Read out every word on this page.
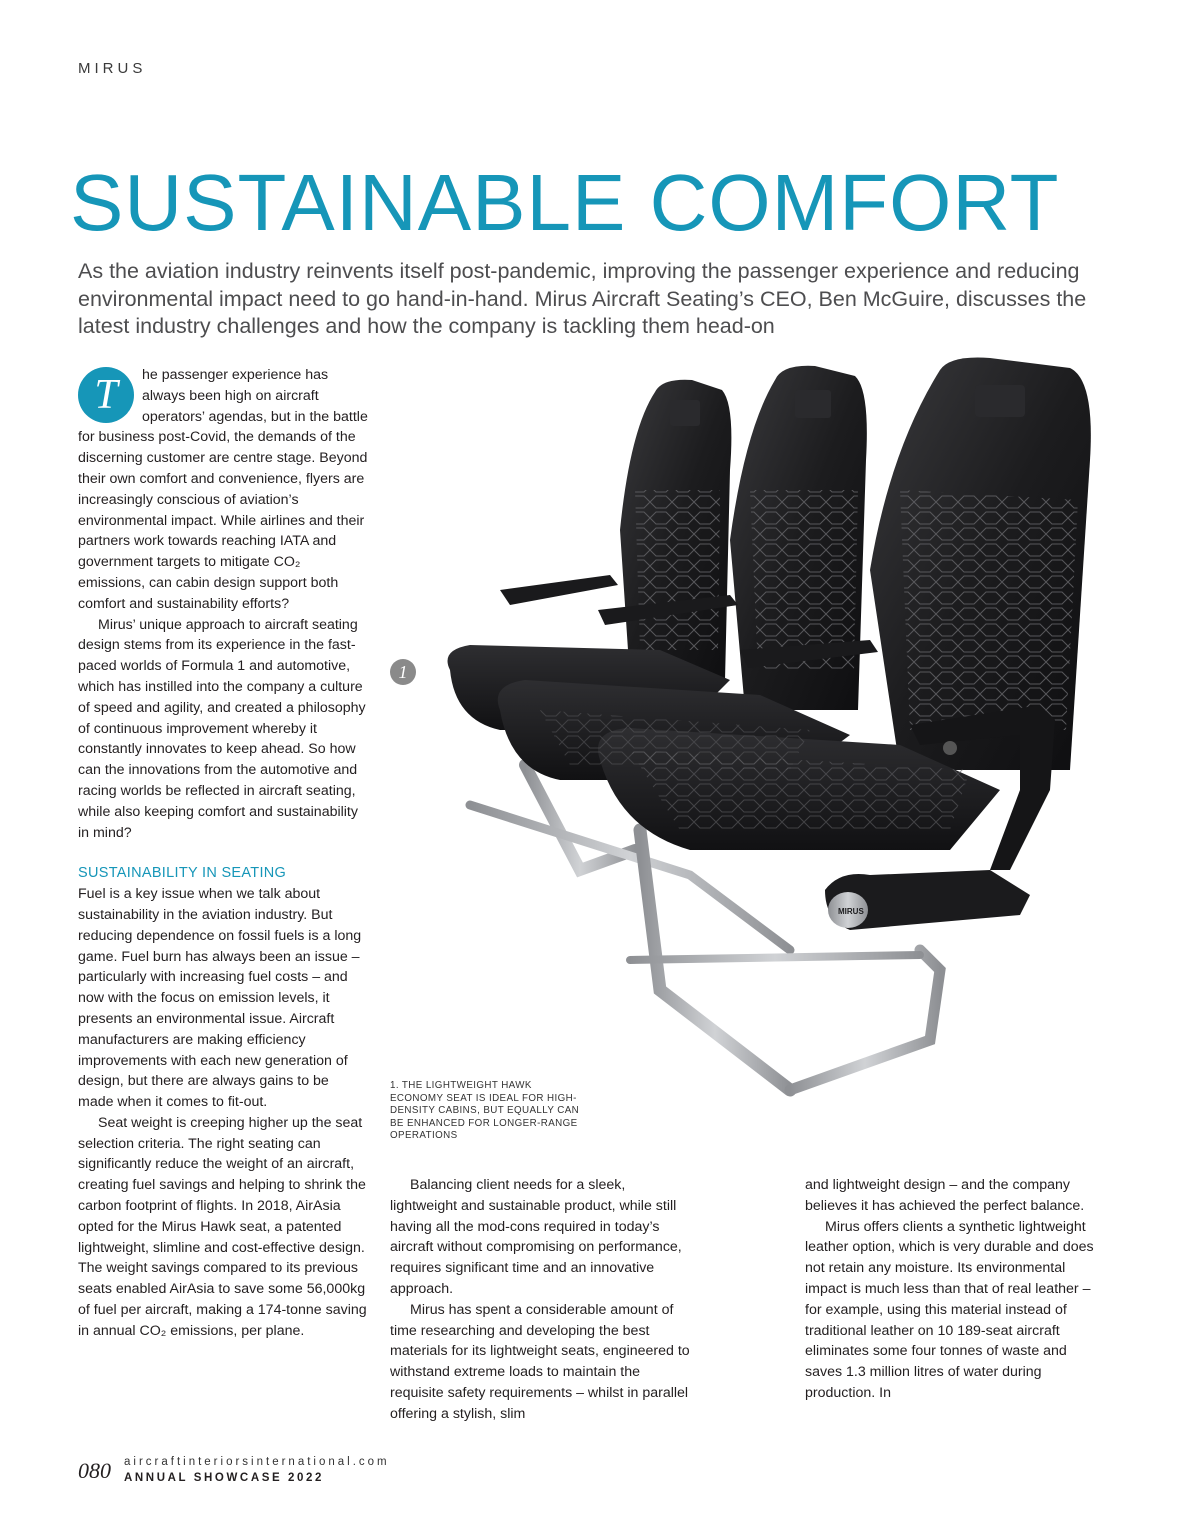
MIRUS
SUSTAINABLE COMFORT

As the aviation industry reinvents itself post-pandemic, improving the passenger experience and reducing environmental impact need to go hand-in-hand. Mirus Aircraft Seating’s CEO, Ben McGuire, discusses the latest industry challenges and how the company is tackling them head-on

T	he passenger experience has always been high on aircraft operators’ agendas, but in the battle for business post-Covid, the demands of the discerning customer are centre stage. Beyond their own comfort and convenience, flyers are increasingly conscious of aviation’s environmental impact. While airlines and their partners work towards reaching IATA and government targets to mitigate CO₂ emissions, can cabin design support both comfort and sustainability efforts?

Mirus’ unique approach to aircraft seating design stems from its experience in the fast-paced worlds of Formula 1 and automotive, which has instilled into the company a culture of speed and agility, and created a philosophy of continuous improvement whereby it constantly innovates to keep ahead. So how can the innovations from the automotive and racing worlds be reflected in aircraft seating, while also keeping comfort and sustainability in mind?

SUSTAINABILITY IN SEATING

Fuel is a key issue when we talk about sustainability in the aviation industry. But reducing dependence on fossil fuels is a long game. Fuel burn has always been an issue – particularly with increasing fuel costs – and now with the focus on emission levels, it presents an environmental issue. Aircraft manufacturers are making efficiency improvements with each new generation of design, but there are always gains to be made when it comes to fit-out.

Seat weight is creeping higher up the seat selection criteria. The right seating can significantly reduce the weight of an aircraft, creating fuel savings and helping to shrink the carbon footprint of flights. In 2018, AirAsia opted for the Mirus Hawk seat, a patented lightweight, slimline and cost-effective design. The weight savings compared to its previous seats enabled AirAsia to save some 56,000kg of fuel per aircraft, making a 174-tonne saving in annual CO₂ emissions, per plane.

MIRUS
1
1. THE LIGHTWEIGHT HAWK ECONOMY SEAT IS IDEAL FOR HIGH-DENSITY CABINS, BUT EQUALLY CAN BE ENHANCED FOR LONGER-RANGE OPERATIONS

Balancing client needs for a sleek, lightweight and sustainable product, while still having all the mod-cons required in today’s aircraft without compromising on performance, requires significant time and an innovative approach.

Mirus has spent a considerable amount of time researching and developing the best materials for its lightweight seats, engineered to withstand extreme loads to maintain the requisite safety requirements – whilst in parallel offering a stylish, slim

and lightweight design – and the company believes it has achieved the perfect balance.

Mirus offers clients a synthetic lightweight leather option, which is very durable and does not retain any moisture. Its environmental impact is much less than that of real leather – for example, using this material instead of traditional leather on 10 189-seat aircraft eliminates some four tonnes of waste and saves 1.3 million litres of water during production. In

080 aircraftinteriorsinternational.com
ANNUAL SHOWCASE 2022
